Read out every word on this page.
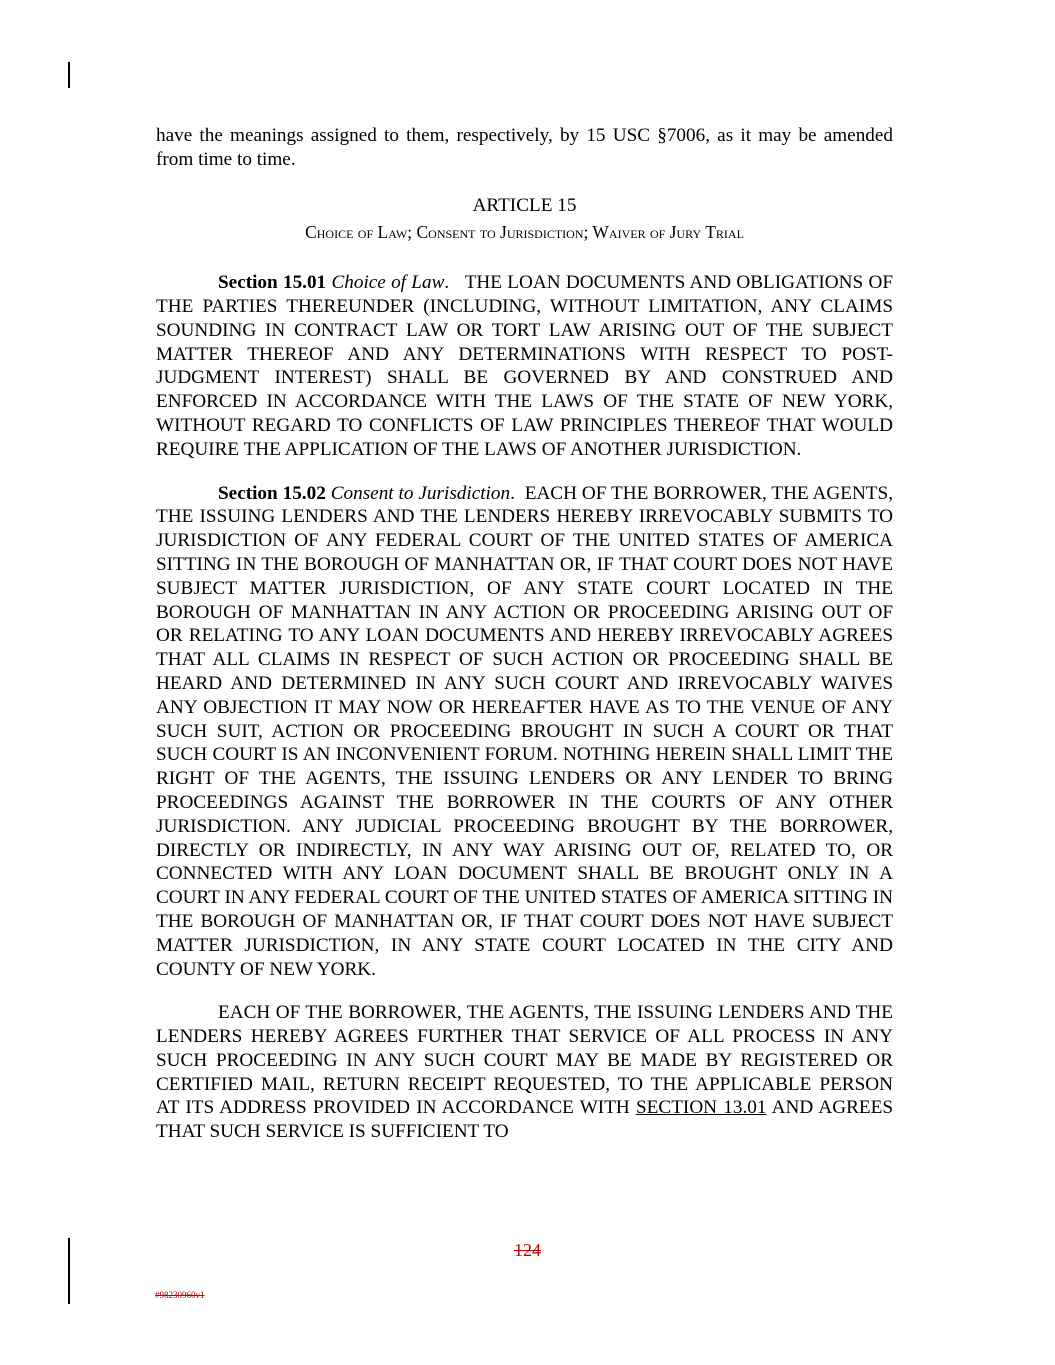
have the meanings assigned to them, respectively, by 15 USC §7006, as it may be amended from time to time.

ARTICLE 15
Choice of Law; Consent to Jurisdiction; Waiver of Jury Trial

Section 15.01 Choice of Law.   THE LOAN DOCUMENTS AND OBLIGATIONS OF THE PARTIES THEREUNDER (INCLUDING, WITHOUT LIMITATION, ANY CLAIMS SOUNDING IN CONTRACT LAW OR TORT LAW ARISING OUT OF THE SUBJECT MATTER THEREOF AND ANY DETERMINATIONS WITH RESPECT TO POST-JUDGMENT INTEREST) SHALL BE GOVERNED BY AND CONSTRUED AND ENFORCED IN ACCORDANCE WITH THE LAWS OF THE STATE OF NEW YORK, WITHOUT REGARD TO CONFLICTS OF LAW PRINCIPLES THEREOF THAT WOULD REQUIRE THE APPLICATION OF THE LAWS OF ANOTHER JURISDICTION.

Section 15.02 Consent to Jurisdiction.  EACH OF THE BORROWER, THE AGENTS, THE ISSUING LENDERS AND THE LENDERS HEREBY IRREVOCABLY SUBMITS TO JURISDICTION OF ANY FEDERAL COURT OF THE UNITED STATES OF AMERICA SITTING IN THE BOROUGH OF MANHATTAN OR, IF THAT COURT DOES NOT HAVE SUBJECT MATTER JURISDICTION, OF ANY STATE COURT LOCATED IN THE BOROUGH OF MANHATTAN IN ANY ACTION OR PROCEEDING ARISING OUT OF OR RELATING TO ANY LOAN DOCUMENTS AND HEREBY IRREVOCABLY AGREES THAT ALL CLAIMS IN RESPECT OF SUCH ACTION OR PROCEEDING SHALL BE HEARD AND DETERMINED IN ANY SUCH COURT AND IRREVOCABLY WAIVES ANY OBJECTION IT MAY NOW OR HEREAFTER HAVE AS TO THE VENUE OF ANY SUCH SUIT, ACTION OR PROCEEDING BROUGHT IN SUCH A COURT OR THAT SUCH COURT IS AN INCONVENIENT FORUM. NOTHING HEREIN SHALL LIMIT THE RIGHT OF THE AGENTS, THE ISSUING LENDERS OR ANY LENDER TO BRING PROCEEDINGS AGAINST THE BORROWER IN THE COURTS OF ANY OTHER JURISDICTION. ANY JUDICIAL PROCEEDING BROUGHT BY THE BORROWER, DIRECTLY OR INDIRECTLY, IN ANY WAY ARISING OUT OF, RELATED TO, OR CONNECTED WITH ANY LOAN DOCUMENT SHALL BE BROUGHT ONLY IN A COURT IN ANY FEDERAL COURT OF THE UNITED STATES OF AMERICA SITTING IN THE BOROUGH OF MANHATTAN OR, IF THAT COURT DOES NOT HAVE SUBJECT MATTER JURISDICTION, IN ANY STATE COURT LOCATED IN THE CITY AND COUNTY OF NEW YORK.

EACH OF THE BORROWER, THE AGENTS, THE ISSUING LENDERS AND THE LENDERS HEREBY AGREES FURTHER THAT SERVICE OF ALL PROCESS IN ANY SUCH PROCEEDING IN ANY SUCH COURT MAY BE MADE BY REGISTERED OR CERTIFIED MAIL, RETURN RECEIPT REQUESTED, TO THE APPLICABLE PERSON AT ITS ADDRESS PROVIDED IN ACCORDANCE WITH SECTION 13.01 AND AGREES THAT SUCH SERVICE IS SUFFICIENT TO

124
#98230960v1
